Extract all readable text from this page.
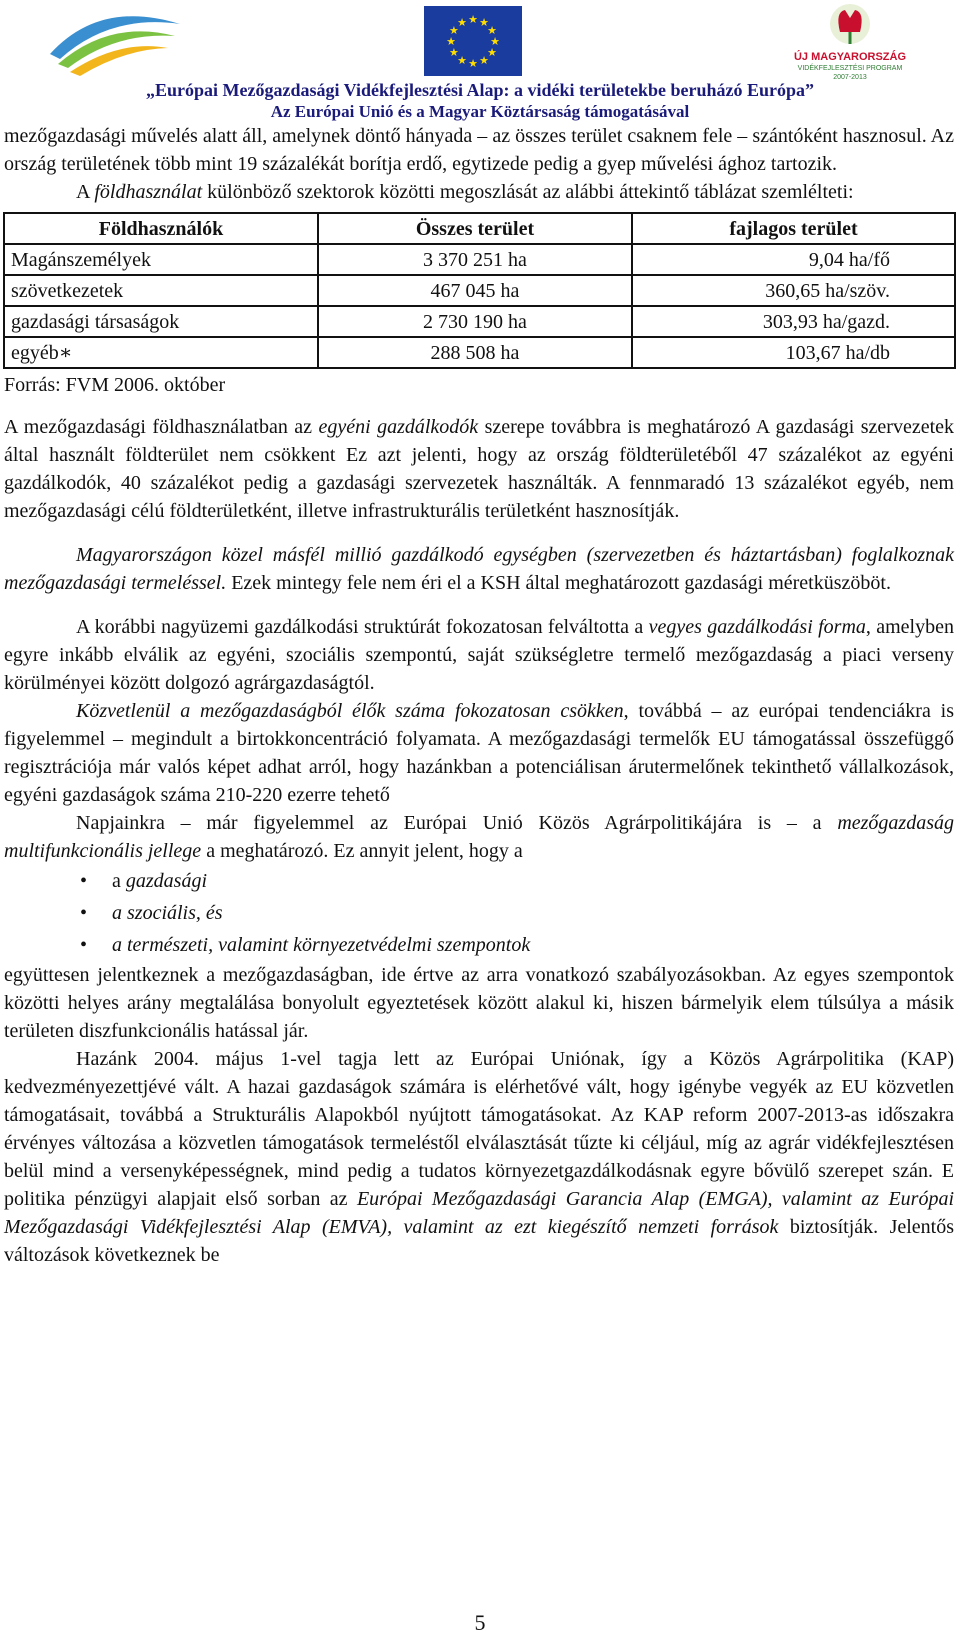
★ ★
★
★
★
★
★
★
★
★
★
★
ÚJ MAGYARORSZÁG
VIDÉKFEJLESZTÉSI PROGRAM
2007-2013
„Európai Mezőgazdasági Vidékfejlesztési Alap: a vidéki területekbe beruházó Európa”
Az Európai Unió és a Magyar Köztársaság támogatásával

mezőgazdasági művelés alatt áll, amelynek döntő hányada – az összes terület csaknem fele – szántóként hasznosul. Az ország területének több mint 19 százalékát borítja erdő, egytizede pedig a gyep művelési ághoz tartozik.

A földhasználat különböző szektorok közötti megoszlását az alábbi áttekintő táblázat szemlélteti:

Földhasználók	Összes terület	fajlagos terület
Magánszemélyek	3 370 251 ha	9,04 ha/fő
szövetkezetek	467 045 ha	360,65 ha/szöv.
gazdasági társaságok	2 730 190 ha	303,93 ha/gazd.
egyéb∗	288 508 ha	103,67 ha/db

Forrás: FVM 2006. október

A mezőgazdasági földhasználatban az egyéni gazdálkodók szerepe továbbra is meghatározó A gazdasági szervezetek által használt földterület nem csökkent Ez azt jelenti, hogy az ország földterületéből 47 százalékot az egyéni gazdálkodók, 40 százalékot pedig a gazdasági szervezetek használták. A fennmaradó 13 százalékot egyéb, nem mezőgazdasági célú földterületként, illetve infrastrukturális területként hasznosítják.

Magyarországon közel másfél millió gazdálkodó egységben (szervezetben és háztartásban) foglalkoznak mezőgazdasági termeléssel. Ezek mintegy fele nem éri el a KSH által meghatározott gazdasági méretküszöböt.

A korábbi nagyüzemi gazdálkodási struktúrát fokozatosan felváltotta a vegyes gazdálkodási forma, amelyben egyre inkább elválik az egyéni, szociális szempontú, saját szükségletre termelő mezőgazdaság a piaci verseny körülményei között dolgozó agrárgazdaságtól.

Közvetlenül a mezőgazdaságból élők száma fokozatosan csökken, továbbá – az európai tendenciákra is figyelemmel – megindult a birtokkoncentráció folyamata. A mezőgazdasági termelők EU támogatással összefüggő regisztrációja már valós képet adhat arról, hogy hazánkban a potenciálisan árutermelőnek tekinthető vállalkozások, egyéni gazdaságok száma 210-220 ezerre tehető

Napjainkra – már figyelemmel az Európai Unió Közös Agrárpolitikájára is – a mezőgazdaság multifunkcionális jellege a meghatározó. Ez annyit jelent, hogy a

• a gazdasági
• a szociális, és
• a természeti, valamint környezetvédelmi szempontok

együttesen jelentkeznek a mezőgazdaságban, ide értve az arra vonatkozó szabályozásokban. Az egyes szempontok közötti helyes arány megtalálása bonyolult egyeztetések között alakul ki, hiszen bármelyik elem túlsúlya a másik területen diszfunkcionális hatással jár.

Hazánk 2004. május 1-vel tagja lett az Európai Uniónak, így a Közös Agrárpolitika (KAP) kedvezményezettjévé vált. A hazai gazdaságok számára is elérhetővé vált, hogy igénybe vegyék az EU közvetlen támogatásait, továbbá a Strukturális Alapokból nyújtott támogatásokat. Az KAP reform 2007-2013-as időszakra érvényes változása a közvetlen támogatások termeléstől elválasztását tűzte ki céljául, míg az agrár vidékfejlesztésen belül mind a versenyképességnek, mind pedig a tudatos környezetgazdálkodásnak egyre bővülő szerepet szán. E politika pénzügyi alapjait első sorban az Európai Mezőgazdasági Garancia Alap (EMGA), valamint az Európai Mezőgazdasági Vidékfejlesztési Alap (EMVA), valamint az ezt kiegészítő nemzeti források biztosítják. Jelentős változások következnek be

5
